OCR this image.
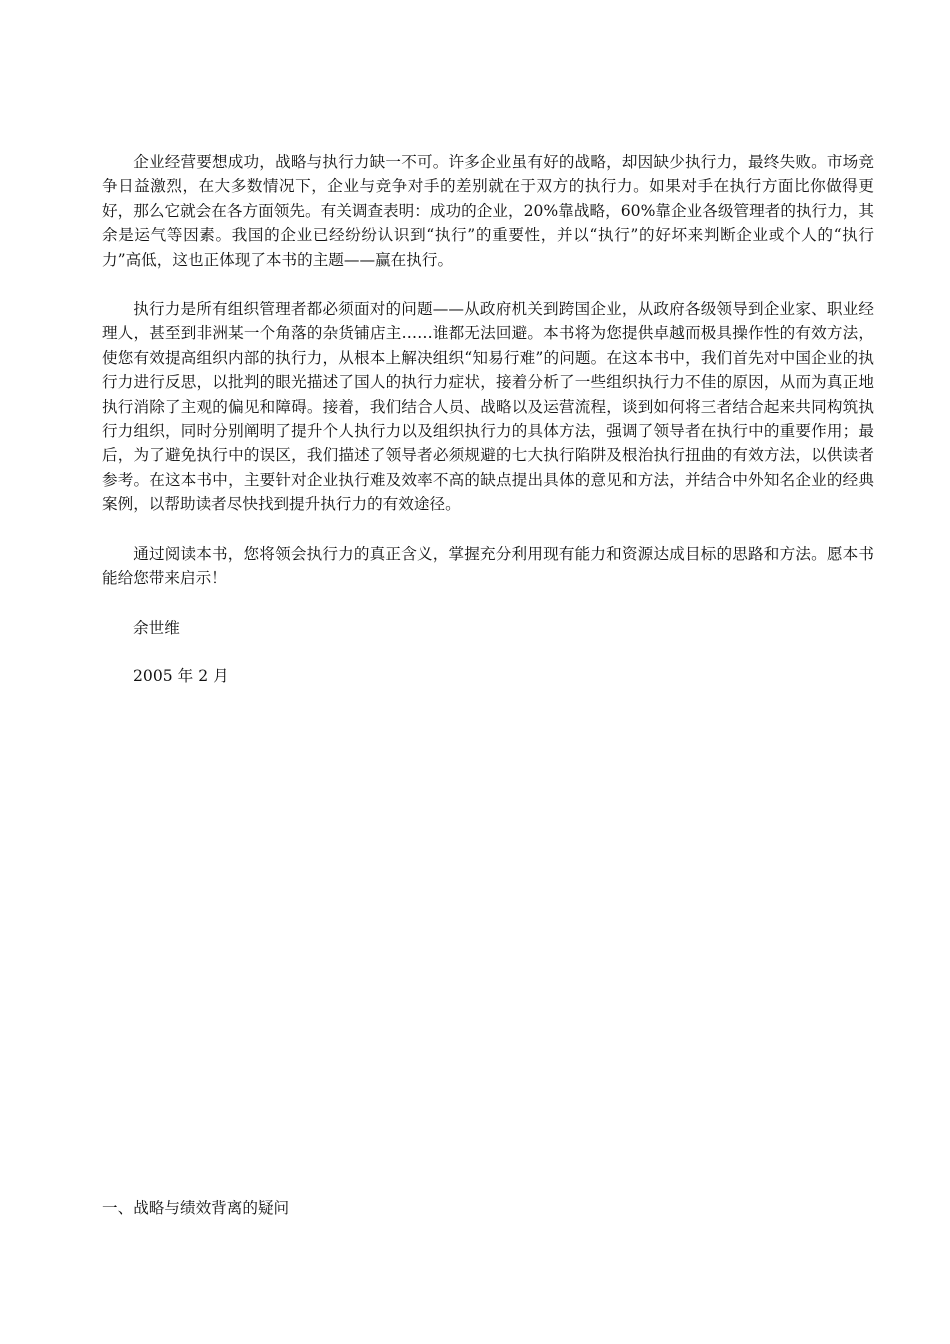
企业经营要想成功，战略与执行力缺一不可。许多企业虽有好的战略，却因缺少执行力，最终失败。市场竞争日益激烈，在大多数情况下，企业与竞争对手的差别就在于双方的执行力。如果对手在执行方面比你做得更好，那么它就会在各方面领先。有关调查表明：成功的企业，20%靠战略，60%靠企业各级管理者的执行力，其余是运气等因素。我国的企业已经纷纷认识到“执行”的重要性，并以“执行”的好坏来判断企业或个人的“执行力”高低，这也正体现了本书的主题——赢在执行。

执行力是所有组织管理者都必须面对的问题——从政府机关到跨国企业，从政府各级领导到企业家、职业经理人，甚至到非洲某一个角落的杂货铺店主……谁都无法回避。本书将为您提供卓越而极具操作性的有效方法，使您有效提高组织内部的执行力，从根本上解决组织“知易行难”的问题。在这本书中，我们首先对中国企业的执行力进行反思，以批判的眼光描述了国人的执行力症状，接着分析了一些组织执行力不佳的原因，从而为真正地执行消除了主观的偏见和障碍。接着，我们结合人员、战略以及运营流程，谈到如何将三者结合起来共同构筑执行力组织，同时分别阐明了提升个人执行力以及组织执行力的具体方法，强调了领导者在执行中的重要作用；最后，为了避免执行中的误区，我们描述了领导者必须规避的七大执行陷阱及根治执行扭曲的有效方法，以供读者参考。在这本书中，主要针对企业执行难及效率不高的缺点提出具体的意见和方法，并结合中外知名企业的经典案例，以帮助读者尽快找到提升执行力的有效途径。

通过阅读本书，您将领会执行力的真正含义，掌握充分利用现有能力和资源达成目标的思路和方法。愿本书能给您带来启示！

余世维

2005 年 2 月

一、战略与绩效背离的疑问
